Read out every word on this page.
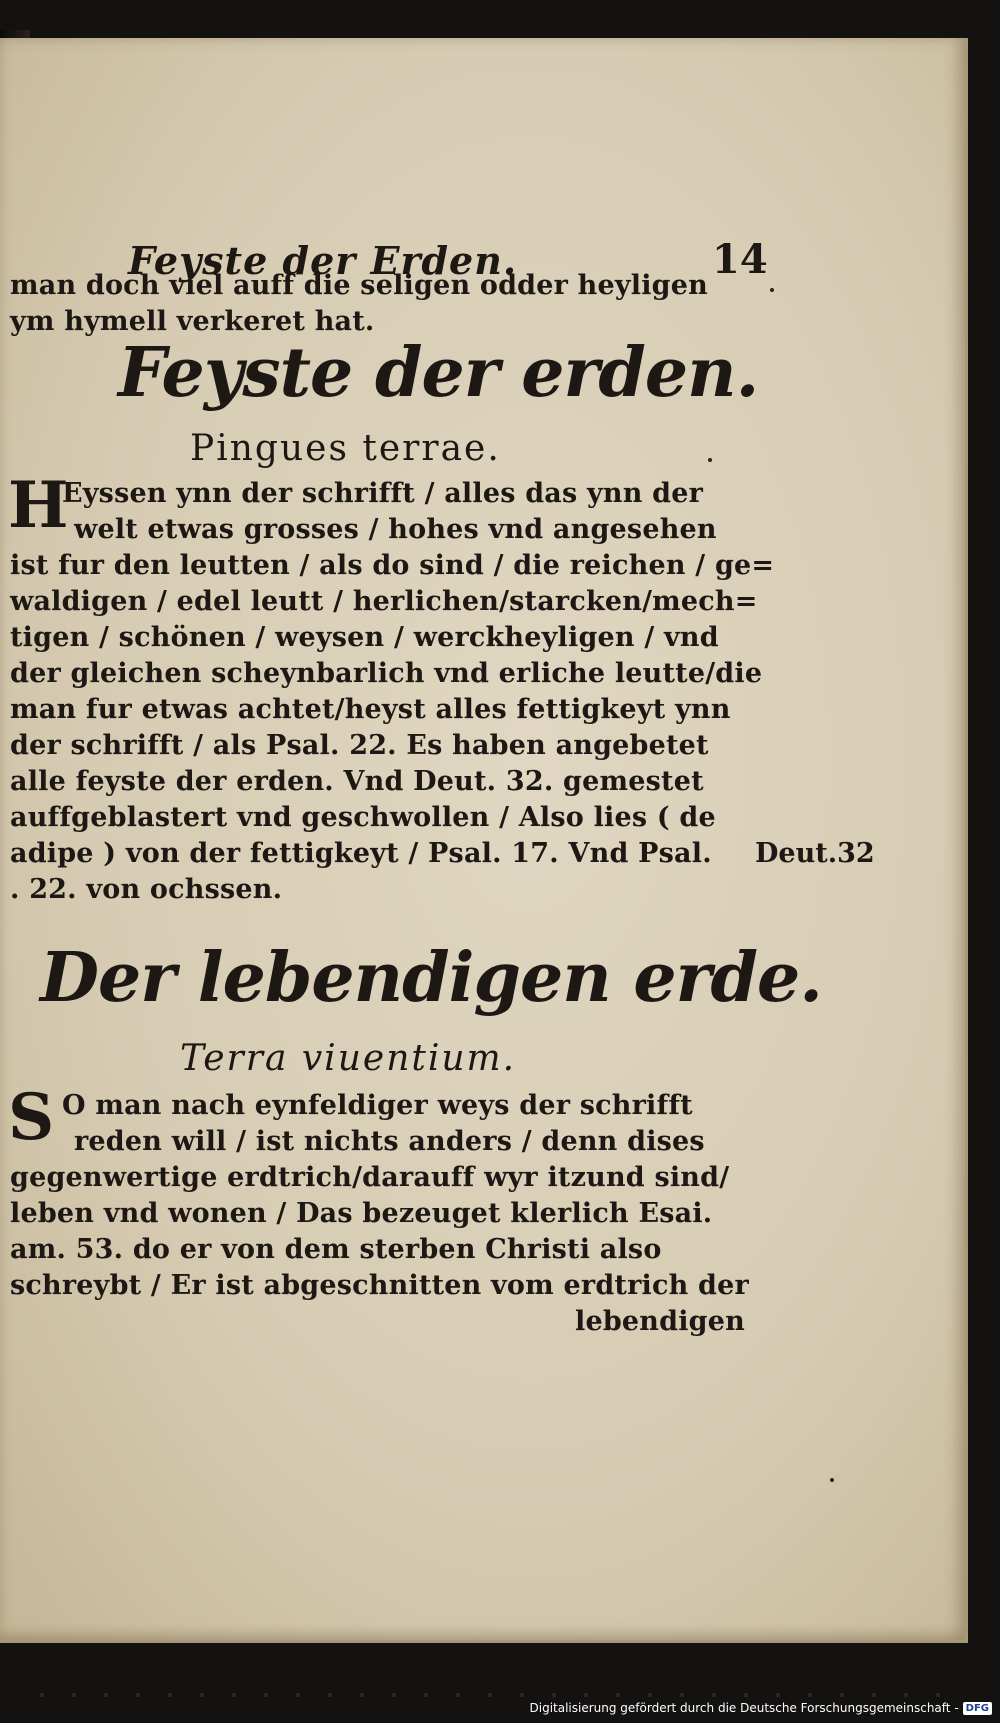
Feyste der Erden.	14
man doch viel auff die seligen odder heyligen
ym hymell verkeret hat.
Feyste der erden.
Pingues terrae.
H
Eyssen ynn der schrifft / alles das ynn der
welt etwas grosses / hohes vnd angesehen
ist fur den leutten / als do sind / die reichen / ge=
waldigen / edel leutt / herlichen/starcken/mech=
tigen / schönen / weysen / werckheyligen / vnd
der gleichen scheynbarlich vnd erliche leutte/die
man fur etwas achtet/heyst alles fettigkeyt ynn
der schrifft / als Psal. 22. Es haben angebetet
alle feyste der erden. Vnd Deut. 32. gemestet
auffgeblastert vnd geschwollen / Also lies ( de
adipe ) von der fettigkeyt / Psal. 17. Vnd Psal.
. 22. von ochssen.
Deut.32
Der lebendigen erde.
Terra viuentium.
S O man nach eynfeldiger weys der schrifft
reden will / ist nichts anders / denn dises
gegenwertige erdtrich/darauff wyr itzund sind/
leben vnd wonen / Das bezeuget klerlich Esai.
am. 53. do er von dem sterben Christi also
schreybt / Er ist abgeschnitten vom erdtrich der
lebendigen
Digitalisierung gefördert durch die Deutsche Forschungsgemeinschaft - DFG
